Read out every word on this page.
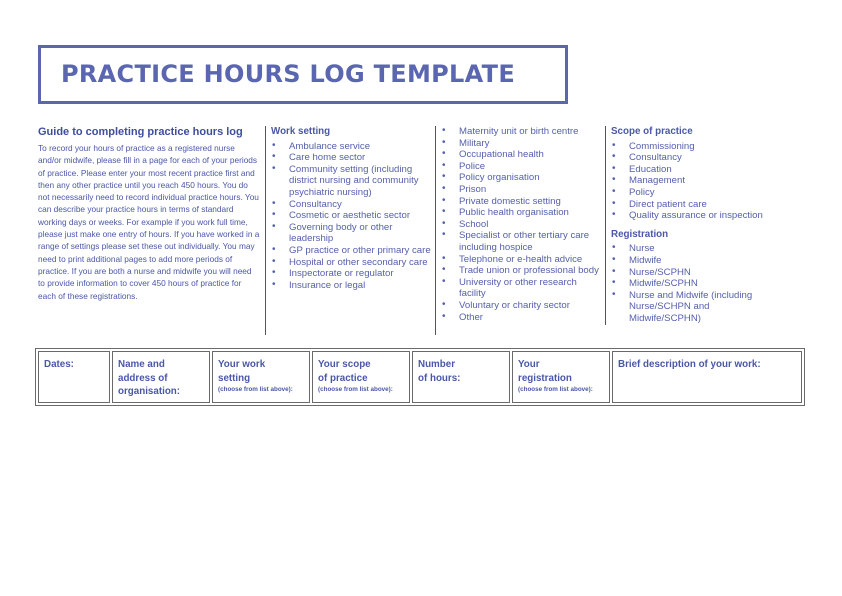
PRACTICE HOURS LOG TEMPLATE
Guide to completing practice hours log

To record your hours of practice as a registered nurse and/or midwife, please fill in a page for each of your periods of practice. Please enter your most recent practice first and then any other practice until you reach 450 hours. You do not necessarily need to record individual practice hours. You can describe your practice hours in terms of standard working days or weeks. For example if you work full time, please just make one entry of hours. If you have worked in a range of settings please set these out individually. You may need to print additional pages to add more periods of practice. If you are both a nurse and midwife you will need to provide information to cover 450 hours of practice for each of these registrations.

Work setting
• Ambulance service
• Care home sector
• Community setting (including district nursing and community psychiatric nursing)
• Consultancy
• Cosmetic or aesthetic sector
• Governing body or other leadership
• GP practice or other primary care
• Hospital or other secondary care
• Inspectorate or regulator
• Insurance or legal
• Maternity unit or birth centre
• Military
• Occupational health
• Police
• Policy organisation
• Prison
• Private domestic setting
• Public health organisation
• School
• Specialist or other tertiary care including hospice
• Telephone or e-health advice
• Trade union or professional body
• University or other research facility
• Voluntary or charity sector
• Other
Scope of practice
• Commissioning
• Consultancy
• Education
• Management
• Policy
• Direct patient care
• Quality assurance or inspection
Registration
• Nurse
• Midwife
• Nurse/SCPHN
• Midwife/SCPHN
• Nurse and Midwife (including Nurse/SCHPN and Midwife/SCPHN)
Dates:	Name and
address of
organisation:	Your work
setting
(choose from list above):
	Your scope
of practice
(choose from list above):
	Number
of hours:	Your
registration
(choose from list above):
	Brief description of your work:
